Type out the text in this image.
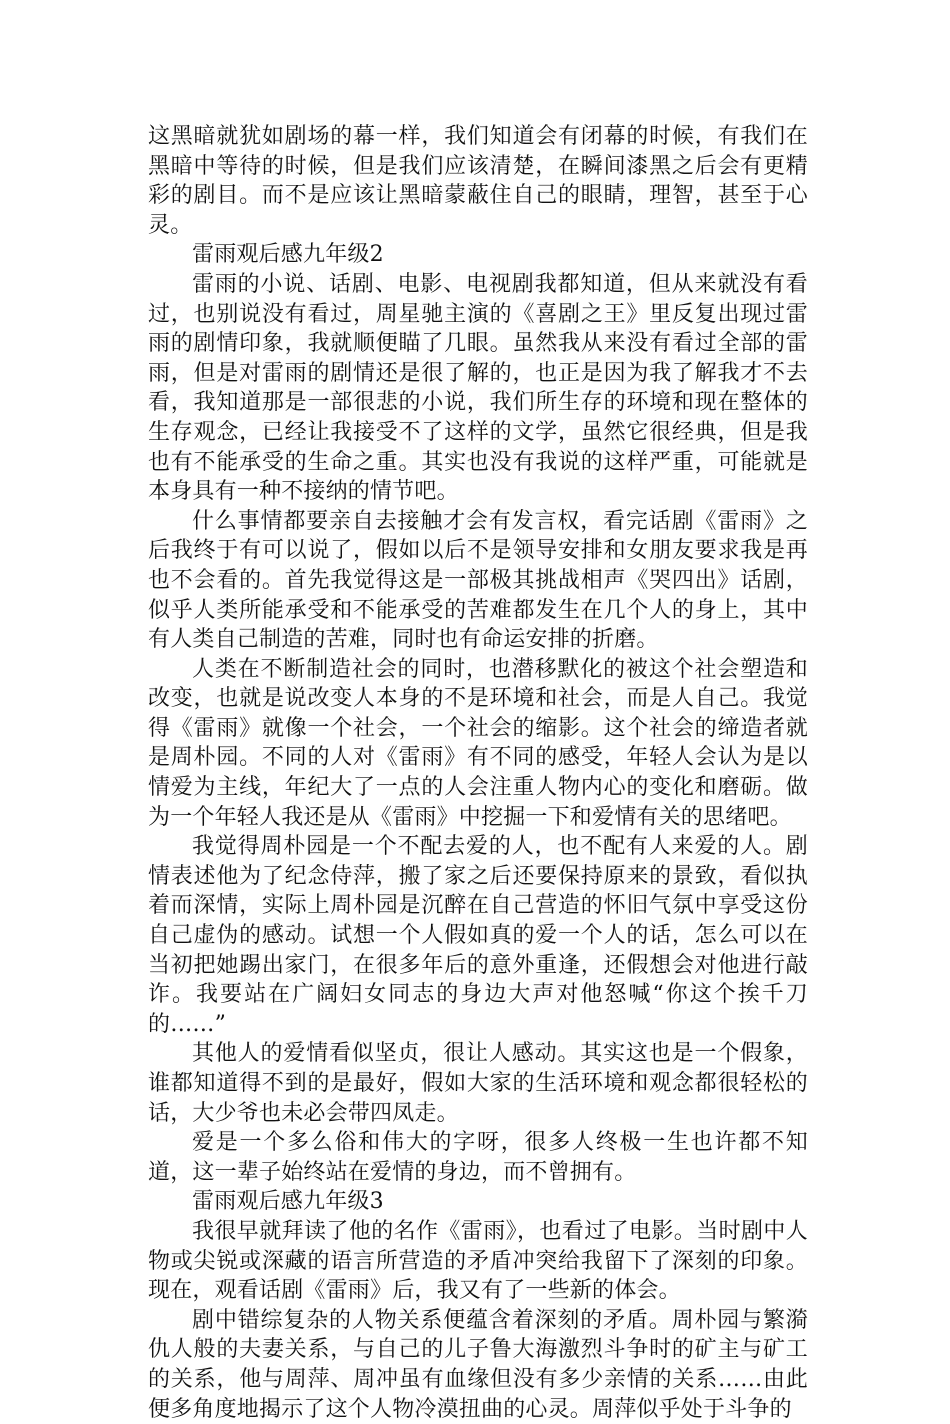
这黑暗就犹如剧场的幕一样，我们知道会有闭幕的时候，有我们在黑暗中等待的时候，但是我们应该清楚，在瞬间漆黑之后会有更精彩的剧目。而不是应该让黑暗蒙蔽住自己的眼睛，理智，甚至于心灵。

雷雨观后感九年级2

雷雨的小说、话剧、电影、电视剧我都知道，但从来就没有看过，也别说没有看过，周星驰主演的《喜剧之王》里反复出现过雷雨的剧情印象，我就顺便瞄了几眼。虽然我从来没有看过全部的雷雨，但是对雷雨的剧情还是很了解的，也正是因为我了解我才不去看，我知道那是一部很悲的小说，我们所生存的环境和现在整体的生存观念，已经让我接受不了这样的文学，虽然它很经典，但是我也有不能承受的生命之重。其实也没有我说的这样严重，可能就是本身具有一种不接纳的情节吧。

什么事情都要亲自去接触才会有发言权，看完话剧《雷雨》之后我终于有可以说了，假如以后不是领导安排和女朋友要求我是再也不会看的。首先我觉得这是一部极其挑战相声《哭四出》话剧，似乎人类所能承受和不能承受的苦难都发生在几个人的身上，其中有人类自己制造的苦难，同时也有命运安排的折磨。

人类在不断制造社会的同时，也潜移默化的被这个社会塑造和改变，也就是说改变人本身的不是环境和社会，而是人自己。我觉得《雷雨》就像一个社会，一个社会的缩影。这个社会的缔造者就是周朴园。不同的人对《雷雨》有不同的感受，年轻人会认为是以情爱为主线，年纪大了一点的人会注重人物内心的变化和磨砺。做为一个年轻人我还是从《雷雨》中挖掘一下和爱情有关的思绪吧。

我觉得周朴园是一个不配去爱的人，也不配有人来爱的人。剧情表述他为了纪念侍萍，搬了家之后还要保持原来的景致，看似执着而深情，实际上周朴园是沉醉在自己营造的怀旧气氛中享受这份自己虚伪的感动。试想一个人假如真的爱一个人的话，怎么可以在当初把她踢出家门，在很多年后的意外重逢，还假想会对他进行敲诈。我要站在广阔妇女同志的身边大声对他怒喊“你这个挨千刀的……”

其他人的爱情看似坚贞，很让人感动。其实这也是一个假象，谁都知道得不到的是最好，假如大家的生活环境和观念都很轻松的话，大少爷也未必会带四凤走。

爱是一个多么俗和伟大的字呀，很多人终极一生也许都不知道，这一辈子始终站在爱情的身边，而不曾拥有。

雷雨观后感九年级3

我很早就拜读了他的名作《雷雨》，也看过了电影。当时剧中人物或尖锐或深藏的语言所营造的矛盾冲突给我留下了深刻的印象。现在，观看话剧《雷雨》后，我又有了一些新的体会。

剧中错综复杂的人物关系便蕴含着深刻的矛盾。周朴园与繁漪仇人般的夫妻关系，与自己的儿子鲁大海激烈斗争时的矿主与矿工的关系，他与周萍、周冲虽有血缘但没有多少亲情的关系……由此便多角度地揭示了这个人物冷漠扭曲的心灵。周萍似乎处于斗争的
